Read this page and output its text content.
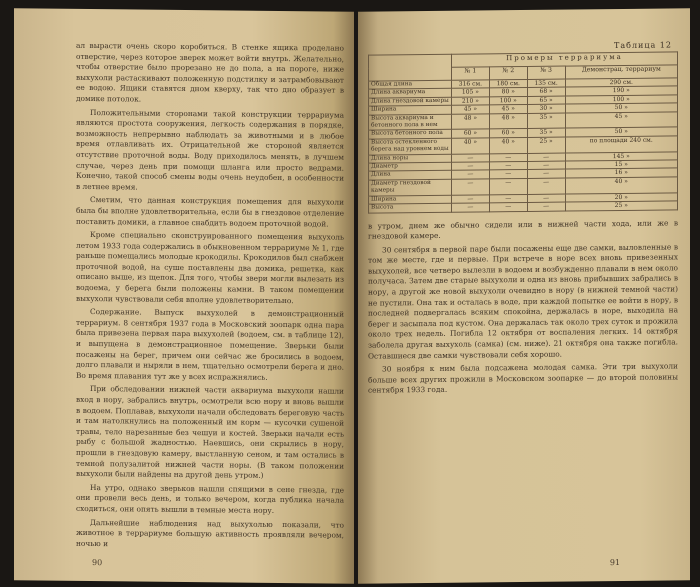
ал вырасти очень скоро коробиться. В стенке ящика проделано отверстие, через которое зверек может войти внутрь. Желательно, чтобы отверстие было прорезано не до пола, а на пороге, ниже выхухоли растаскивают положенную подстилку и затрамбовывают ее водою. Ящики ставятся дном кверху, так что дно образует в домике потолок.

Положительными сторонами такой конструкции террариума являются простота сооружения, легкость содержания в порядке, возможность непрерывно наблюдать за животными и в любое время отлавливать их. Отрицательной же стороной является отсутствие проточной воды. Воду приходилось менять, в лучшем случае, через день при помощи шланга или просто ведрами. Конечно, такой способ смены воды очень неудобен, в особенности в летнее время.

Сметим, что данная конструкция помещения для выхухоли была бы вполне удовлетворительна, если бы в гнездовое отделение поставить домики, а главное снабдить водоем проточной водой.

Кроме специально сконструированного помещения выхухоль летом 1933 года содержались в обыкновенном террариуме № 1, где раньше помещались молодые крокодилы. Крокодилов был снабжен проточной водой, на суше поставлены два домика, решетка, как описано выше, из щепок. Для того, чтобы звери могли вылезать из водоема, у берега были положены камни. В таком помещении выхухоли чувствовали себя вполне удовлетворительно.

Содержание. Выпуск выхухолей в демонстрационный террариум. 8 сентября 1937 года в Московский зоопарк одна пара была привезена первая пара выхухолей (водоем, см. в таблице 12), и выпущена в демонстрационное помещение. Зверьки были посажены на берег, причем они сейчас же бросились в водоем, долго плавали и ныряли в нем, тщательно осмотрели берега и дно. Во время плавания тут же у всех испражнялись.

При обследовании нижней части аквариума выхухоли нашли вход в нору, забрались внутрь, осмотрели всю нору и вновь вышли в водоем. Поплавав, выхухоли начали обследовать береговую часть и там натолкнулись на положенный им корм — кусочки сушеной травы, тело нарезанные без чешуи и костей. Зверьки начали есть рыбу с большой жадностью. Наевшись, они скрылись в нору, прошли в гнездовую камеру, выстланную сеном, и там остались в темной полузалитой нижней части норы. (В таком положении выхухоли были найдены на другой день утром.)

На утро, однако зверьков нашли спящими в сене гнезда, где они провели весь день, и только вечером, когда публика начала сходиться, они опять вышли в темные места нору.

Дальнейшие наблюдения над выхухолью показали, что животное в террариуме большую активность проявляли вечером, ночью и

90
Таблица 12
	Промеры террариума			
	№ 1	№ 2	№ 3	Демонстрац. террариум
Общая длина	316 см.	180 см.	135 см.	290 см.
Длина аквариума	105 »	80 »	68 »	190 »
Длина гнездовой камеры	210 »	100 »	65 »	100 »
Ширина	45 »	45 »	30 »	50 »
Высота аквариума и бетонного пола в нем	48 »	48 »	35 »	45 »
Высота бетонного пола	60 »	60 »	35 »	50 »
Высота остекленного берега над уровнем воды	40 »	40 »	25 »	по площади 240 см.
Длина норы	—	—	—	145 »
Диаметр	—	—	—	15 »
Длина	—	—	—	16 »
Диаметр гнездовой камеры	—	—	—	40 »
Ширина	—	—	—	20 »
Высота	—	—	—	25 »

в утром, днем же обычно сидели или в нижней части хода, или же в гнездовой камере.

30 сентября в первой паре были посажены еще две самки, выловленные в том же месте, где и первые. При встрече в норе всех вновь привезенных выхухолей, все четверо вылезли в водоем и возбужденно плавали в нем около получаса. Затем две старые выхухоли и одна из вновь прибывших забрались в нору, а другой же новой выхухоли очевидно в нору (в нижней темной части) не пустили. Она так и осталась в воде, при каждой попытке ее войти в нору, в последней подвергалась всяким спокойна, держалась в норе, выходила на берег и засыпала под кустом. Она держалась так около трех суток и прожила около трех недель. Погибла 12 октября от воспаления легких. 14 октября заболела другая выхухоль (самка) (см. ниже). 21 октября она также погибла. Оставшиеся две самки чувствовали себя хорошо.

30 ноября к ним была подсажена молодая самка. Эти три выхухоли больше всех других прожили в Московском зоопарке — до второй половины сентября 1933 года.

91
